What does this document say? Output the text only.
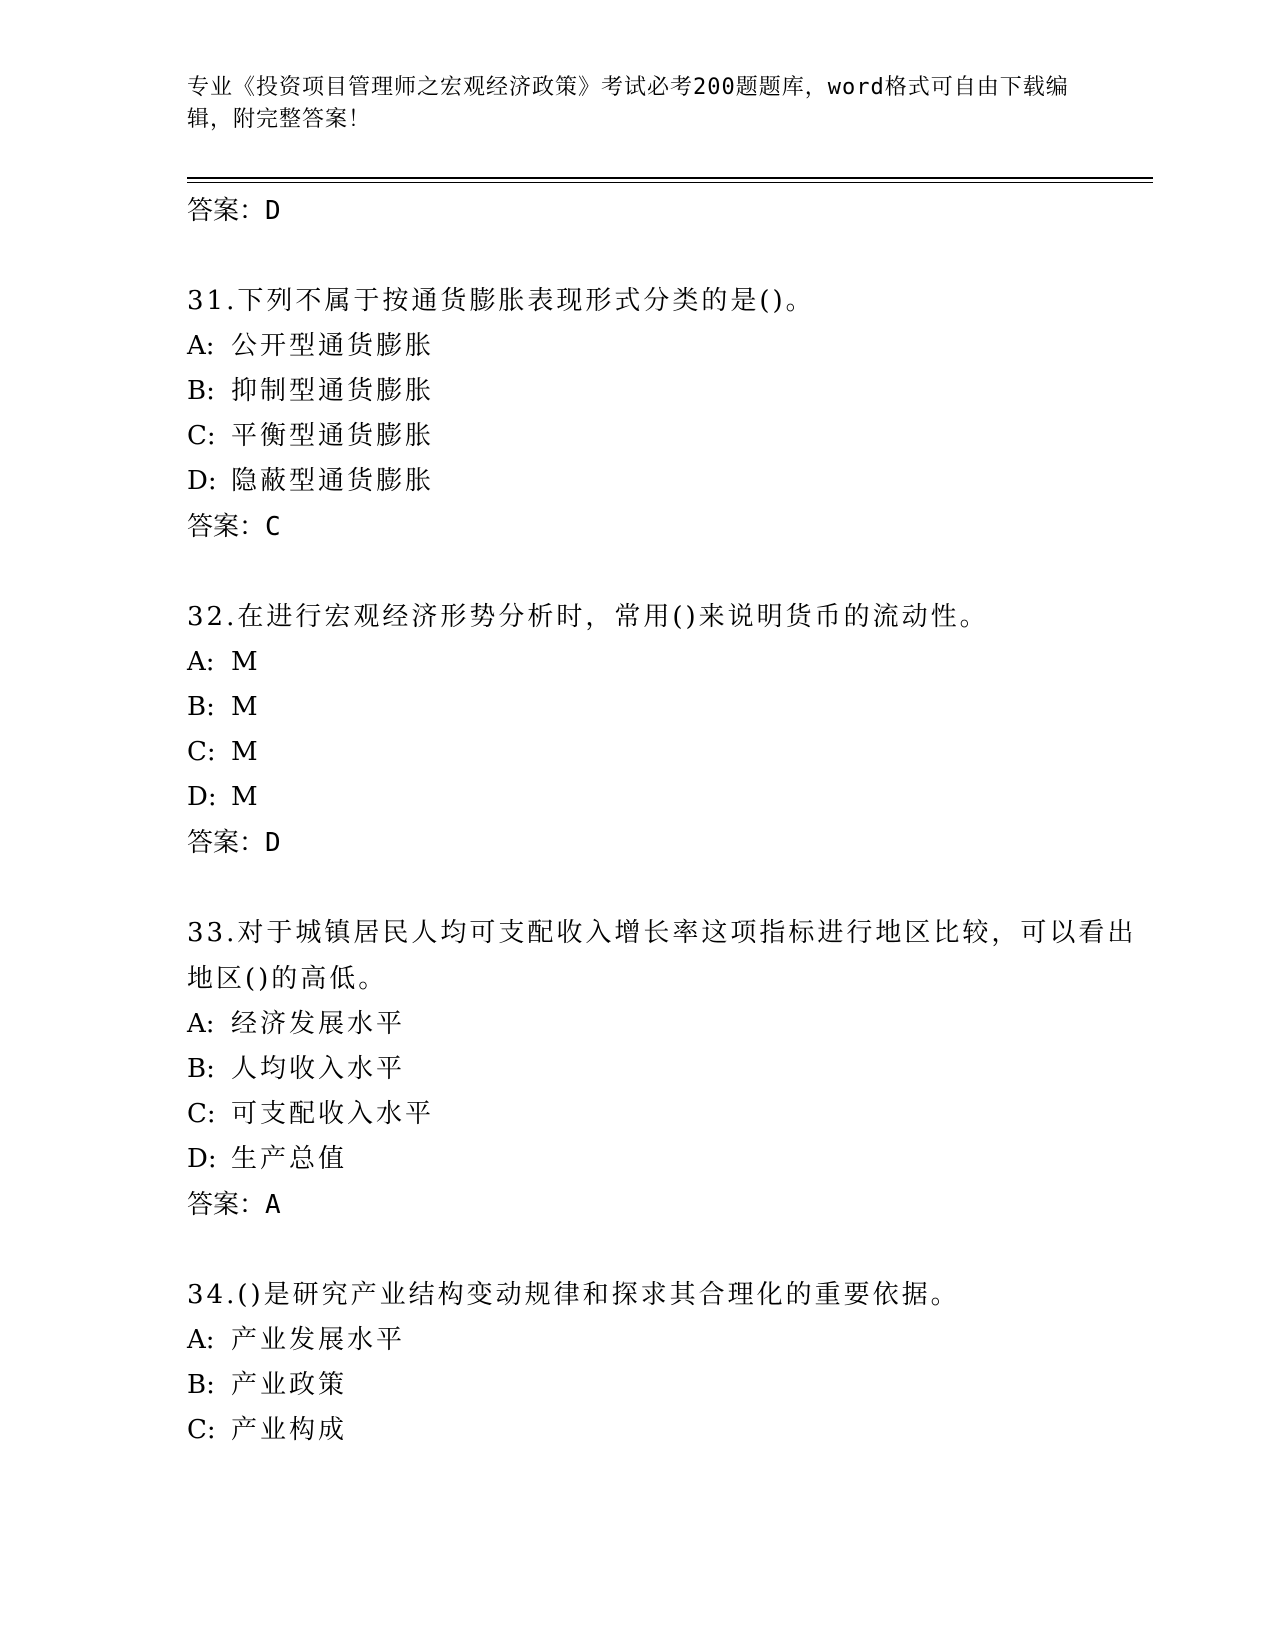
专业《投资项目管理师之宏观经济政策》考试必考200题题库，word格式可自由下载编辑，附完整答案！
答案：D
31.下列不属于按通货膨胀表现形式分类的是()。
A: 公开型通货膨胀
B: 抑制型通货膨胀
C: 平衡型通货膨胀
D: 隐蔽型通货膨胀
答案：C
32.在进行宏观经济形势分析时，常用()来说明货币的流动性。
A: M
B: M
C: M
D: M
答案：D
33.对于城镇居民人均可支配收入增长率这项指标进行地区比较，可以看出地区()的高低。
A: 经济发展水平
B: 人均收入水平
C: 可支配收入水平
D: 生产总值
答案：A
34.()是研究产业结构变动规律和探求其合理化的重要依据。
A: 产业发展水平
B: 产业政策
C: 产业构成
